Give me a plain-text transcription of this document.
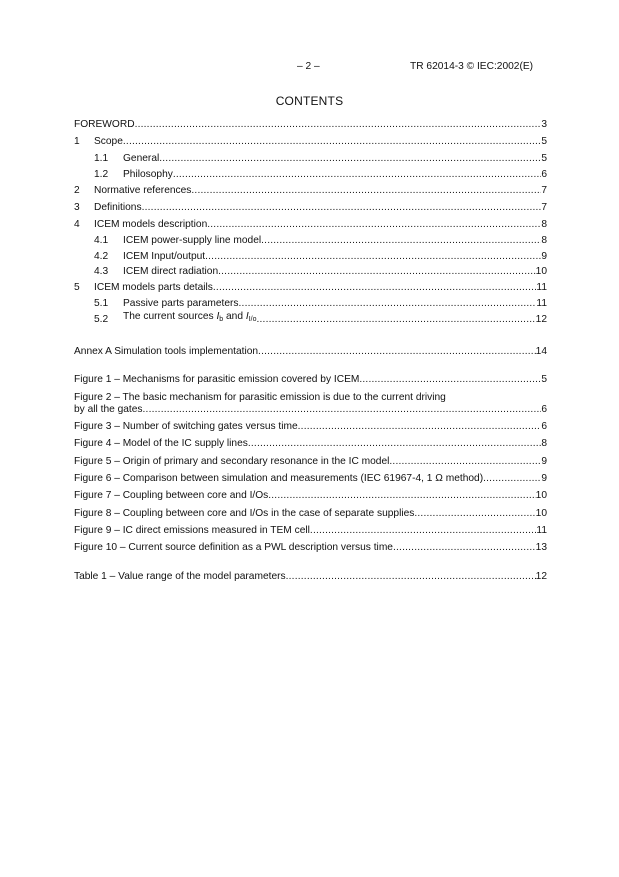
– 2 –	TR 62014-3 © IEC:2002(E)
CONTENTS
FOREWORD .....	3
1	Scope .....	5
1.1	General .....	5
1.2	Philosophy .....	6
2	Normative references .....	7
3	Definitions .....	7
4	ICEM models description .....	8
4.1	ICEM power-supply line model .....	8
4.2	ICEM Input/output .....	9
4.3	ICEM direct radiation .....	10
5	ICEM models parts details .....	11
5.1	Passive parts parameters .....	11
5.2	The current sources $I_b$ and $I_{I/o}$ .....	12
Annex A Simulation tools implementation .....	14
Figure 1 – Mechanisms for parasitic emission covered by ICEM .....	5
Figure 2 – The basic mechanism for parasitic emission is due to the current driving
by all the gates .....	6
Figure 3 – Number of switching gates versus time .....	6
Figure 4 – Model of the IC supply lines .....	8
Figure 5 – Origin of primary and secondary resonance in the IC model .....	9
Figure 6 – Comparison between simulation and measurements (IEC 61967-4, 1 Ω method) .....	9
Figure 7 – Coupling between core and I/Os .....	10
Figure 8 – Coupling between core and I/Os in the case of separate supplies .....	10
Figure 9 – IC direct emissions measured in TEM cell .....	11
Figure 10 – Current source definition as a PWL description versus time .....	13
Table 1 – Value range of the model parameters .....	12
